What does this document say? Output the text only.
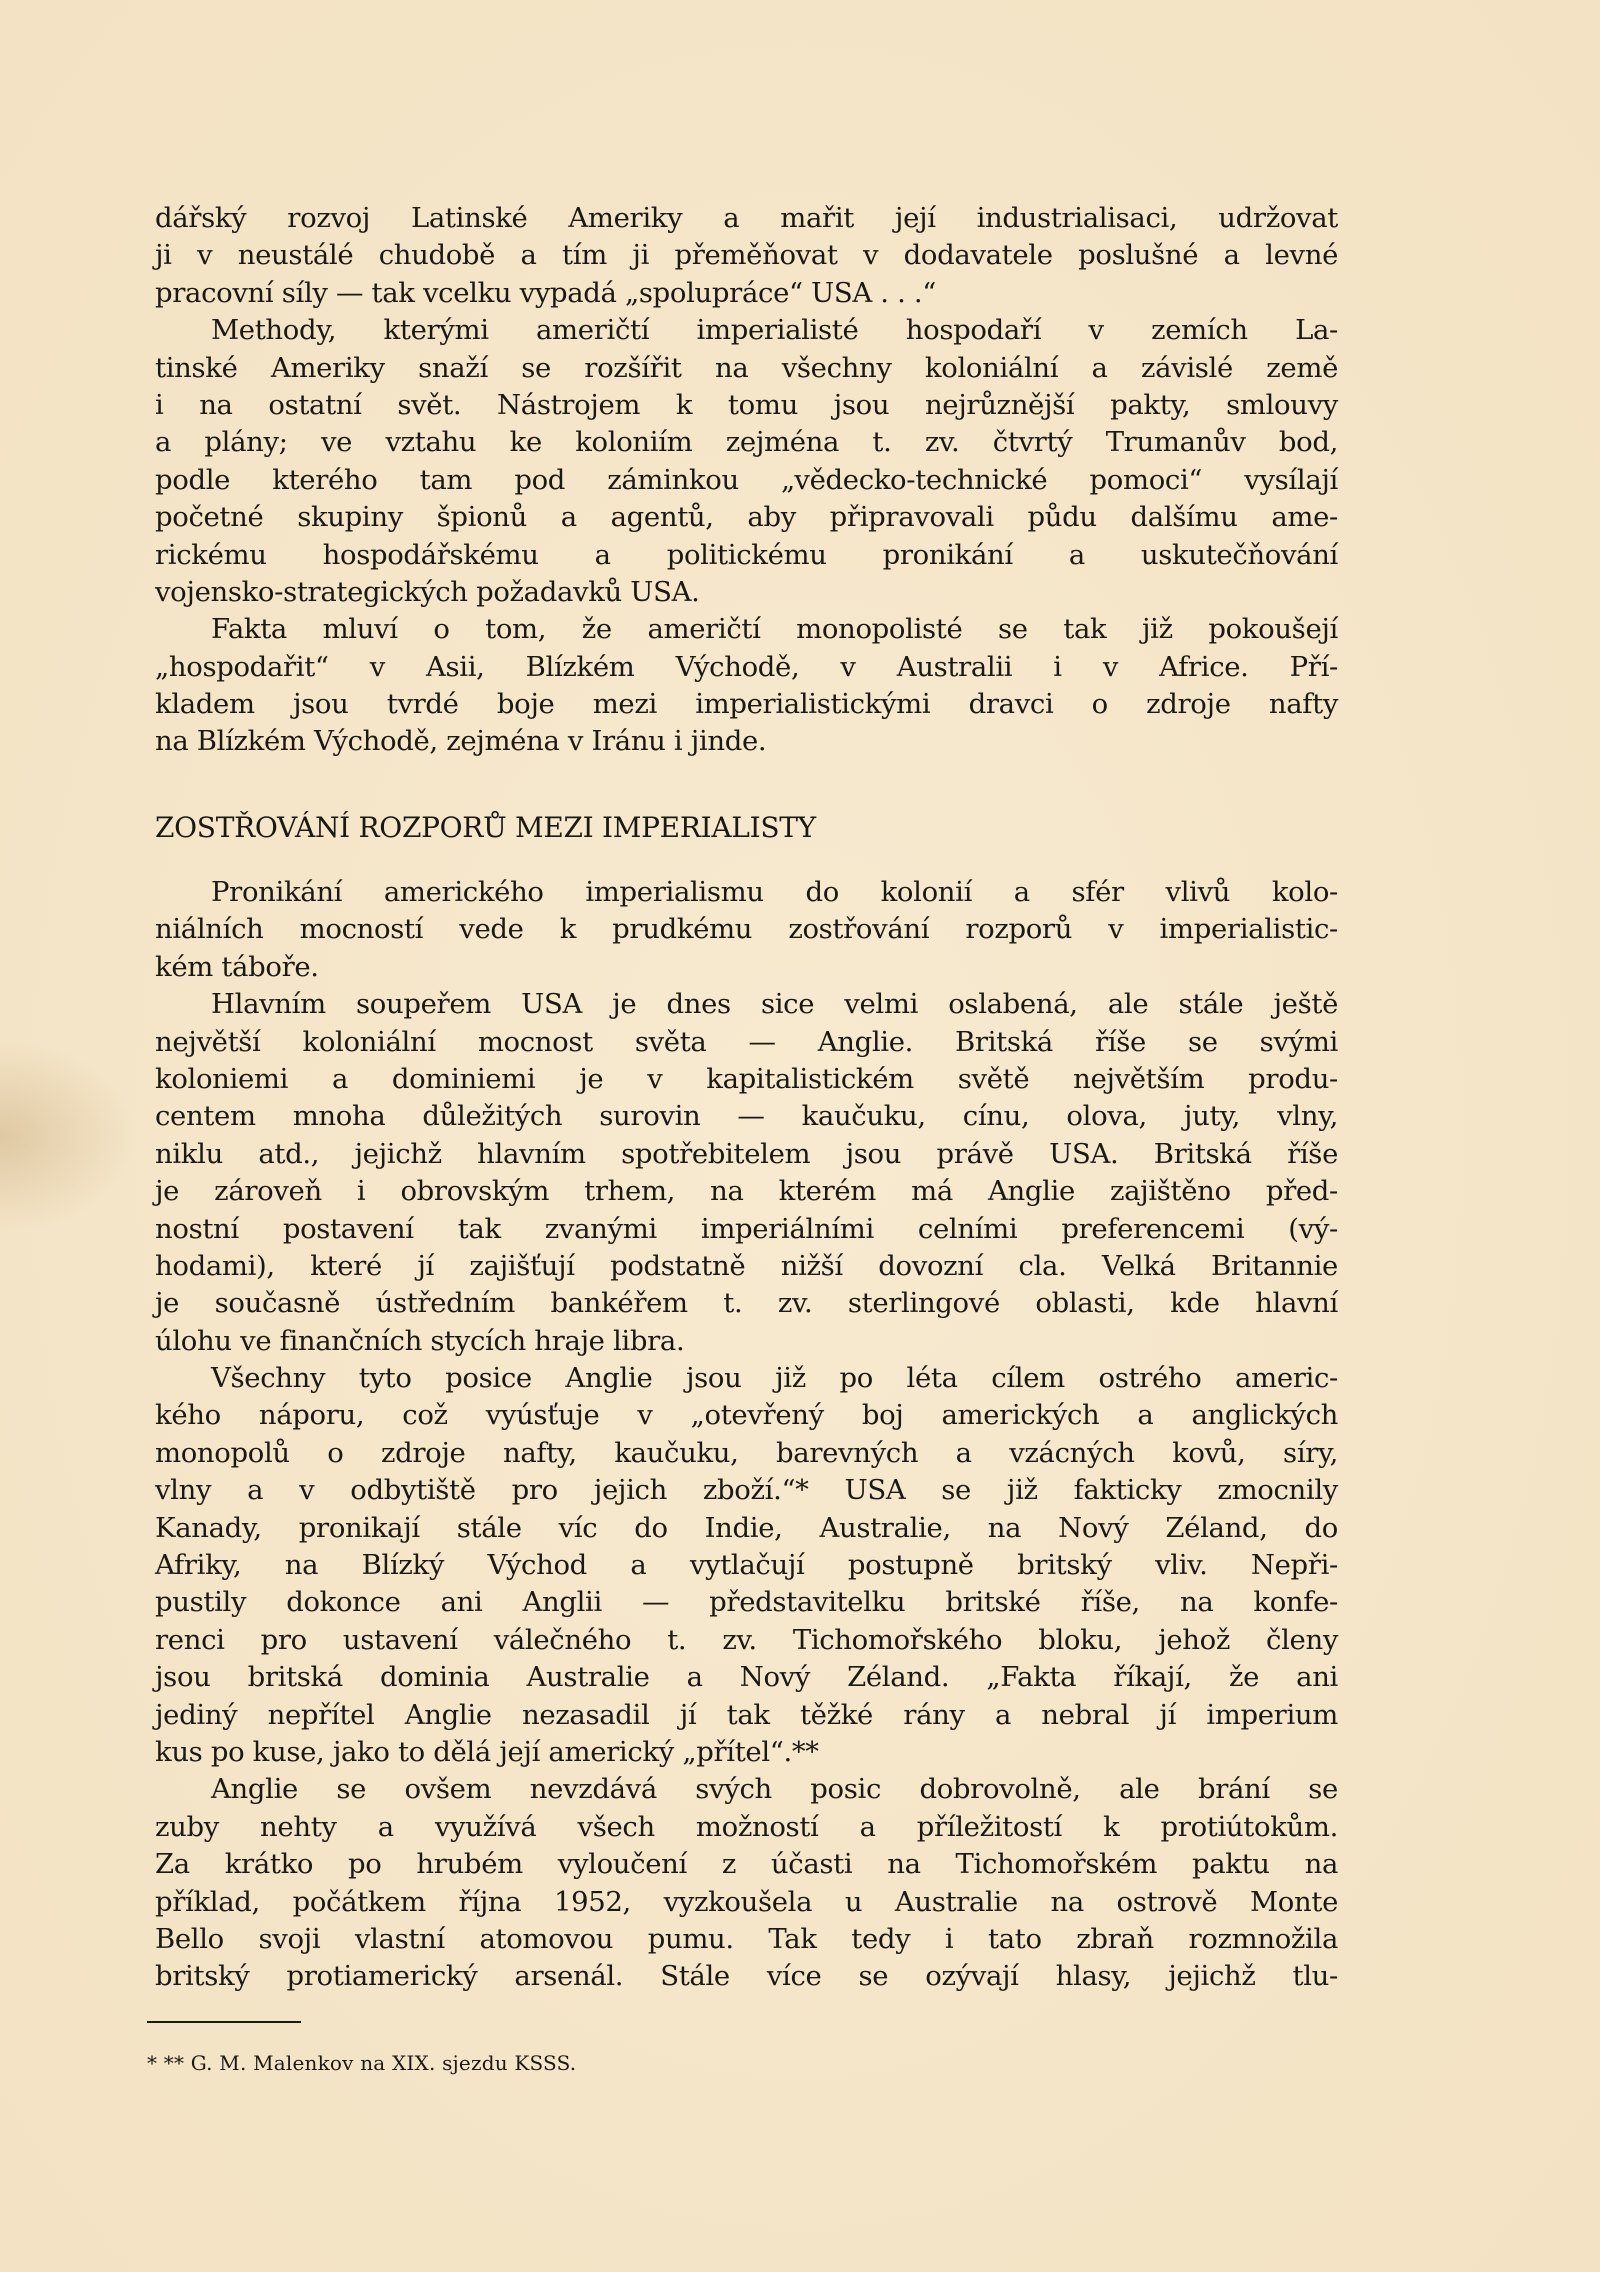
dářský rozvoj Latinské Ameriky a mařit její industrialisaci, udržovat
ji v neustálé chudobě a tím ji přeměňovat v dodavatele poslušné a levné
pracovní síly — tak vcelku vypadá „spolupráce“ USA . . .“
Methody, kterými američtí imperialisté hospodaří v zemích La-
tinské Ameriky snaží se rozšířit na všechny koloniální a závislé země
i na ostatní svět. Nástrojem k tomu jsou nejrůznější pakty, smlouvy
a plány; ve vztahu ke koloniím zejména t. zv. čtvrtý Trumanův bod,
podle kterého tam pod záminkou „vědecko-technické pomoci“ vysílají
početné skupiny špionů a agentů, aby připravovali půdu dalšímu ame-
rickému hospodářskému a politickému pronikání a uskutečňování
vojensko-strategických požadavků USA.
Fakta mluví o tom, že američtí monopolisté se tak již pokoušejí
„hospodařit“ v Asii, Blízkém Východě, v Australii i v Africe. Pří-
kladem jsou tvrdé boje mezi imperialistickými dravci o zdroje nafty
na Blízkém Východě, zejména v Iránu i jinde.
ZOSTŘOVÁNÍ ROZPORŮ MEZI IMPERIALISTY
Pronikání amerického imperialismu do kolonií a sfér vlivů kolo-
niálních mocností vede k prudkému zostřování rozporů v imperialistic-
kém táboře.
Hlavním soupeřem USA je dnes sice velmi oslabená, ale stále ještě
největší koloniální mocnost světa — Anglie. Britská říše se svými
koloniemi a dominiemi je v kapitalistickém světě největším produ-
centem mnoha důležitých surovin — kaučuku, cínu, olova, juty, vlny,
niklu atd., jejichž hlavním spotřebitelem jsou právě USA. Britská říše
je zároveň i obrovským trhem, na kterém má Anglie zajištěno před-
nostní postavení tak zvanými imperiálními celními preferencemi (vý-
hodami), které jí zajišťují podstatně nižší dovozní cla. Velká Britannie
je současně ústředním bankéřem t. zv. sterlingové oblasti, kde hlavní
úlohu ve finančních stycích hraje libra.
Všechny tyto posice Anglie jsou již po léta cílem ostrého americ-
kého náporu, což vyúsťuje v „otevřený boj amerických a anglických
monopolů o zdroje nafty, kaučuku, barevných a vzácných kovů, síry,
vlny a v odbytiště pro jejich zboží.“* USA se již fakticky zmocnily
Kanady, pronikají stále víc do Indie, Australie, na Nový Zéland, do
Afriky, na Blízký Východ a vytlačují postupně britský vliv. Nepři-
pustily dokonce ani Anglii — představitelku britské říše, na konfe-
renci pro ustavení válečného t. zv. Tichomořského bloku, jehož členy
jsou britská dominia Australie a Nový Zéland. „Fakta říkají, že ani
jediný nepřítel Anglie nezasadil jí tak těžké rány a nebral jí imperium
kus po kuse, jako to dělá její americký „přítel“.**
Anglie se ovšem nevzdává svých posic dobrovolně, ale brání se
zuby nehty a využívá všech možností a příležitostí k protiútokům.
Za krátko po hrubém vyloučení z účasti na Tichomořském paktu na
příklad, počátkem října 1952, vyzkoušela u Australie na ostrově Monte
Bello svoji vlastní atomovou pumu. Tak tedy i tato zbraň rozmnožila
britský protiamerický arsenál. Stále více se ozývají hlasy, jejichž tlu-
* ** G. M. Malenkov na XIX. sjezdu KSSS.
